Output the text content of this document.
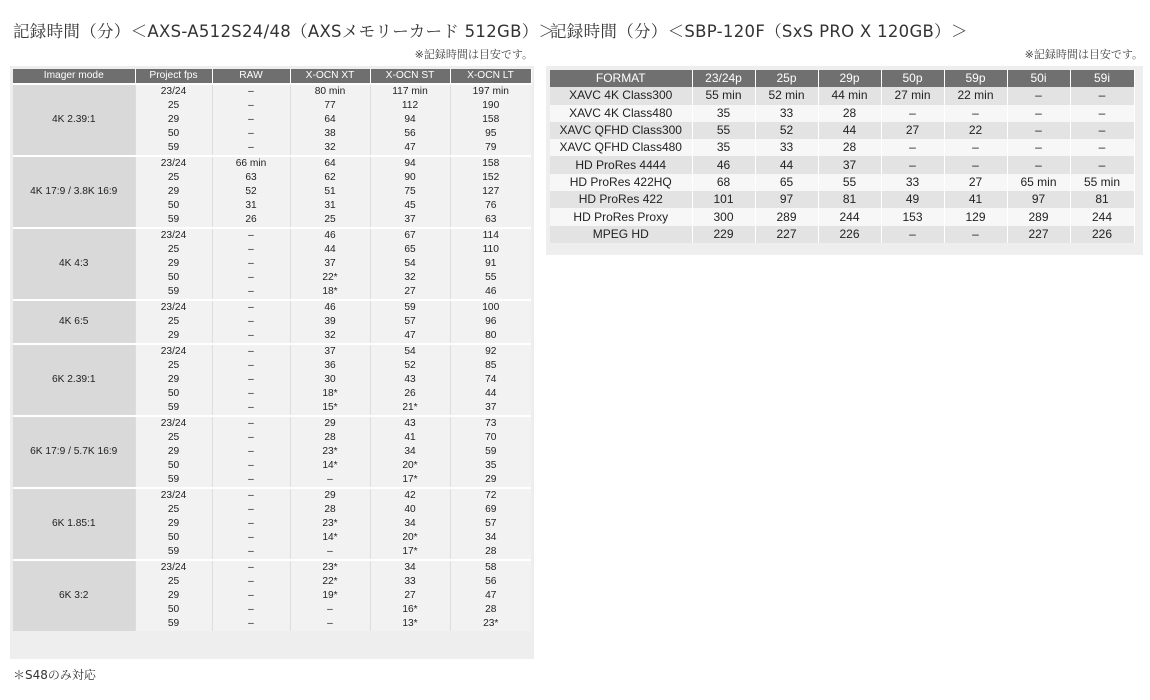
記録時間（分）＜AXS-A512S24/48（AXSメモリーカード 512GB）＞
※記録時間は目安です。
記録時間（分）＜SBP-120F（SxS PRO X 120GB）＞
※記録時間は目安です。
Imager mode	Project fps	RAW	X-OCN XT	X-OCN ST	X-OCN LT
4K 2.39:1	23/24	–	80 min	117 min	197 min
	25	–	77	112	190
	29	–	64	94	158
	50	–	38	56	95
	59	–	32	47	79
4K 17:9 / 3.8K 16:9	23/24	66 min	64	94	158
	25	63	62	90	152
	29	52	51	75	127
	50	31	31	45	76
	59	26	25	37	63
4K 4:3	23/24	–	46	67	114
	25	–	44	65	110
	29	–	37	54	91
	50	–	22*	32	55
	59	–	18*	27	46
4K 6:5	23/24	–	46	59	100
	25	–	39	57	96
	29	–	32	47	80
6K 2.39:1	23/24	–	37	54	92
	25	–	36	52	85
	29	–	30	43	74
	50	–	18*	26	44
	59	–	15*	21*	37
6K 17:9 / 5.7K 16:9	23/24	–	29	43	73
	25	–	28	41	70
	29	–	23*	34	59
	50	–	14*	20*	35
	59	–	–	17*	29
6K 1.85:1	23/24	–	29	42	72
	25	–	28	40	69
	29	–	23*	34	57
	50	–	14*	20*	34
	59	–	–	17*	28
6K 3:2	23/24	–	23*	34	58
	25	–	22*	33	56
	29	–	19*	27	47
	50	–	–	16*	28
	59	–	–	13*	23*
FORMAT	23/24p	25p	29p	50p	59p	50i	59i
XAVC 4K Class300	55 min	52 min	44 min	27 min	22 min	–	–
XAVC 4K Class480	35	33	28	–	–	–	–
XAVC QFHD Class300	55	52	44	27	22	–	–
XAVC QFHD Class480	35	33	28	–	–	–	–
HD ProRes 4444	46	44	37	–	–	–	–
HD ProRes 422HQ	68	65	55	33	27	65 min	55 min
HD ProRes 422	101	97	81	49	41	97	81
HD ProRes Proxy	300	289	244	153	129	289	244
MPEG HD	229	227	226	–	–	227	226
＊S48のみ対応
